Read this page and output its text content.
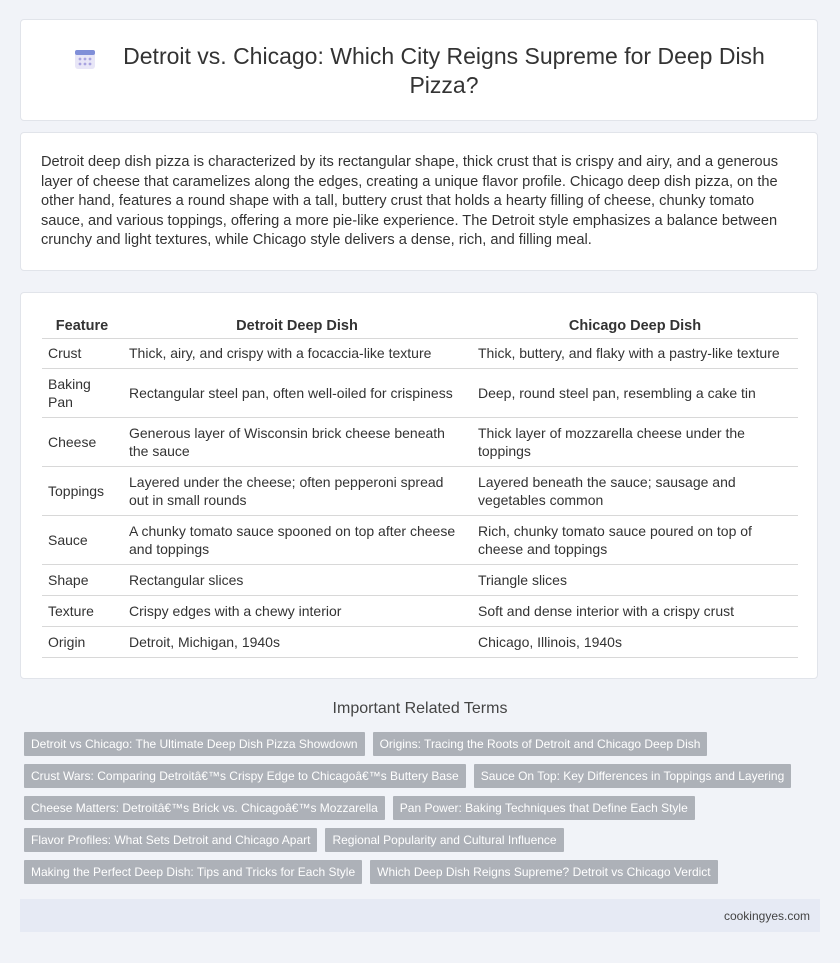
Detroit vs. Chicago: Which City Reigns Supreme for Deep Dish Pizza?

Detroit deep dish pizza is characterized by its rectangular shape, thick crust that is crispy and airy, and a generous layer of cheese that caramelizes along the edges, creating a unique flavor profile. Chicago deep dish pizza, on the other hand, features a round shape with a tall, buttery crust that holds a hearty filling of cheese, chunky tomato sauce, and various toppings, offering a more pie-like experience. The Detroit style emphasizes a balance between crunchy and light textures, while Chicago style delivers a dense, rich, and filling meal.

Feature	Detroit Deep Dish	Chicago Deep Dish
Crust	Thick, airy, and crispy with a focaccia-like texture	Thick, buttery, and flaky with a pastry-like texture
Baking Pan	Rectangular steel pan, often well-oiled for crispiness	Deep, round steel pan, resembling a cake tin
Cheese	Generous layer of Wisconsin brick cheese beneath the sauce	Thick layer of mozzarella cheese under the toppings
Toppings	Layered under the cheese; often pepperoni spread out in small rounds	Layered beneath the sauce; sausage and vegetables common
Sauce	A chunky tomato sauce spooned on top after cheese and toppings	Rich, chunky tomato sauce poured on top of cheese and toppings
Shape	Rectangular slices	Triangle slices
Texture	Crispy edges with a chewy interior	Soft and dense interior with a crispy crust
Origin	Detroit, Michigan, 1940s	Chicago, Illinois, 1940s
Important Related Terms
Detroit vs Chicago: The Ultimate Deep Dish Pizza Showdown	Origins: Tracing the Roots of Detroit and Chicago Deep Dish
Crust Wars: Comparing Detroitâ€™s Crispy Edge to Chicagoâ€™s Buttery Base	Sauce On Top: Key Differences in Toppings and Layering
Cheese Matters: Detroitâ€™s Brick vs. Chicagoâ€™s Mozzarella	Pan Power: Baking Techniques that Define Each Style
Flavor Profiles: What Sets Detroit and Chicago Apart	Regional Popularity and Cultural Influence
Making the Perfect Deep Dish: Tips and Tricks for Each Style	Which Deep Dish Reigns Supreme? Detroit vs Chicago Verdict
cookingyes.com
